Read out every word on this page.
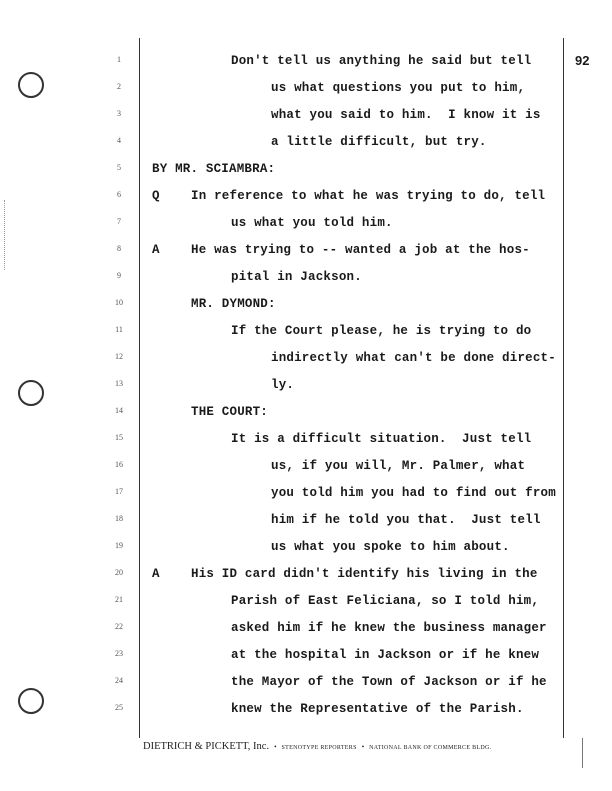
92
1
2
3
4
5
6
7
8
9
10
11
12
13
14
15
16
17
18
19
20
21
22
23
24
25
Don't tell us anything he said but tell
us what questions you put to him,
what you said to him.  I know it is
a little difficult, but try.
BY MR. SCIAMBRA:
Q	In reference to what he was trying to do, tell
us what you told him.
A	He was trying to -- wanted a job at the hos-
pital in Jackson.
MR. DYMOND:
If the Court please, he is trying to do
indirectly what can't be done direct-
ly.
THE COURT:
It is a difficult situation.  Just tell
us, if you will, Mr. Palmer, what
you told him you had to find out from
him if he told you that.  Just tell
us what you spoke to him about.
A	His ID card didn't identify his living in the
Parish of East Feliciana, so I told him,
asked him if he knew the business manager
at the hospital in Jackson or if he knew
the Mayor of the Town of Jackson or if he
knew the Representative of the Parish.
DIETRICH & PICKETT, Inc. • STENOTYPE REPORTERS • NATIONAL BANK OF COMMERCE BLDG.
